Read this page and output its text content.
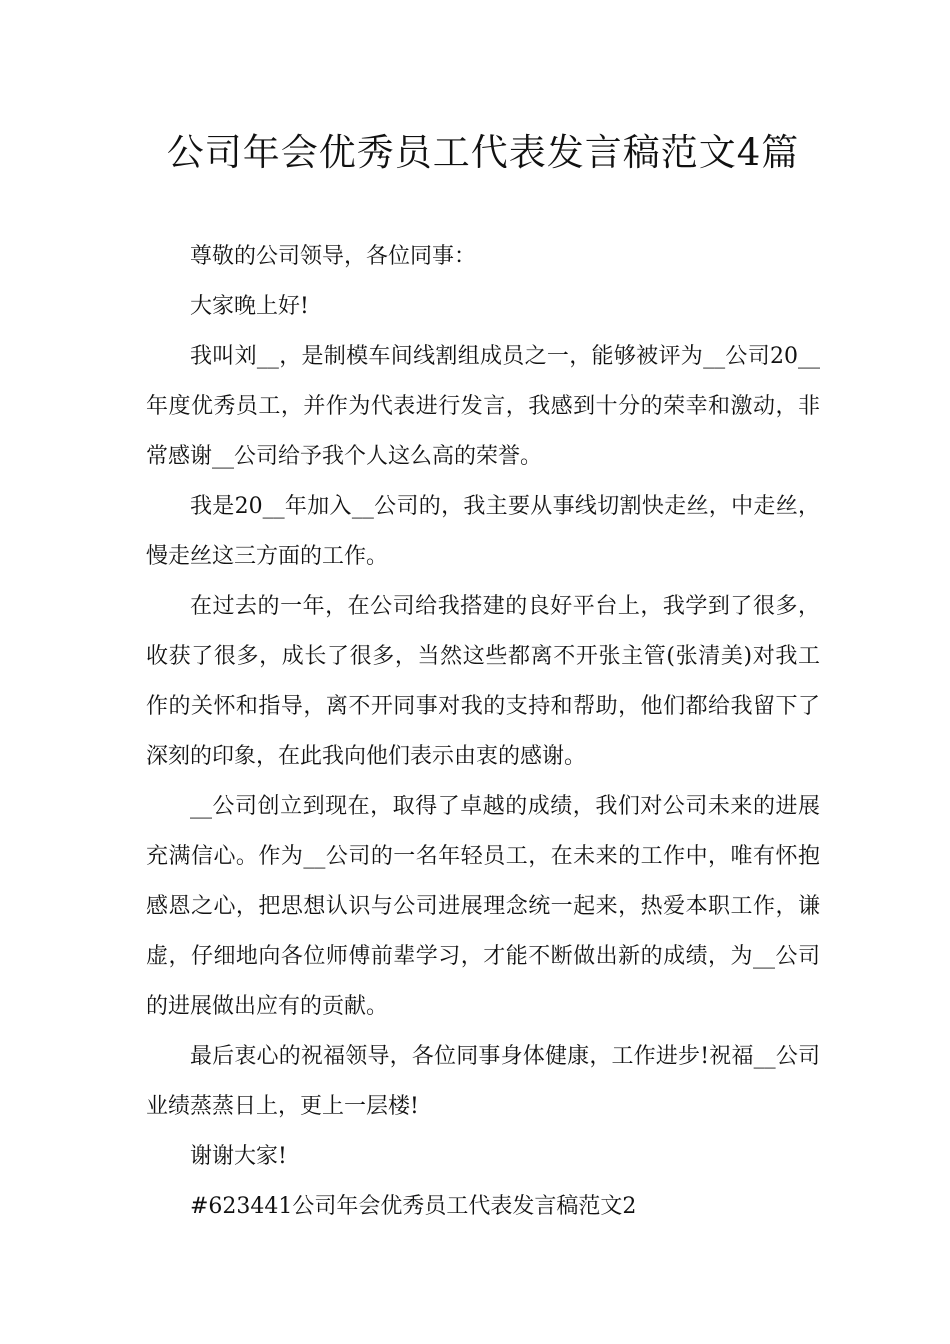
公司年会优秀员工代表发言稿范文4篇

尊敬的公司领导，各位同事：

大家晚上好!

我叫刘__，是制模车间线割组成员之一，能够被评为__公司20__年度优秀员工，并作为代表进行发言，我感到十分的荣幸和激动，非常感谢__公司给予我个人这么高的荣誉。

我是20__年加入__公司的，我主要从事线切割快走丝，中走丝，慢走丝这三方面的工作。

在过去的一年，在公司给我搭建的良好平台上，我学到了很多，收获了很多，成长了很多，当然这些都离不开张主管(张清美)对我工作的关怀和指导，离不开同事对我的支持和帮助，他们都给我留下了深刻的印象，在此我向他们表示由衷的感谢。

__公司创立到现在，取得了卓越的成绩，我们对公司未来的进展充满信心。作为__公司的一名年轻员工，在未来的工作中，唯有怀抱感恩之心，把思想认识与公司进展理念统一起来，热爱本职工作，谦虚，仔细地向各位师傅前辈学习，才能不断做出新的成绩，为__公司的进展做出应有的贡献。

最后衷心的祝福领导，各位同事身体健康，工作进步!祝福__公司业绩蒸蒸日上，更上一层楼!

谢谢大家!

#623441公司年会优秀员工代表发言稿范文2
